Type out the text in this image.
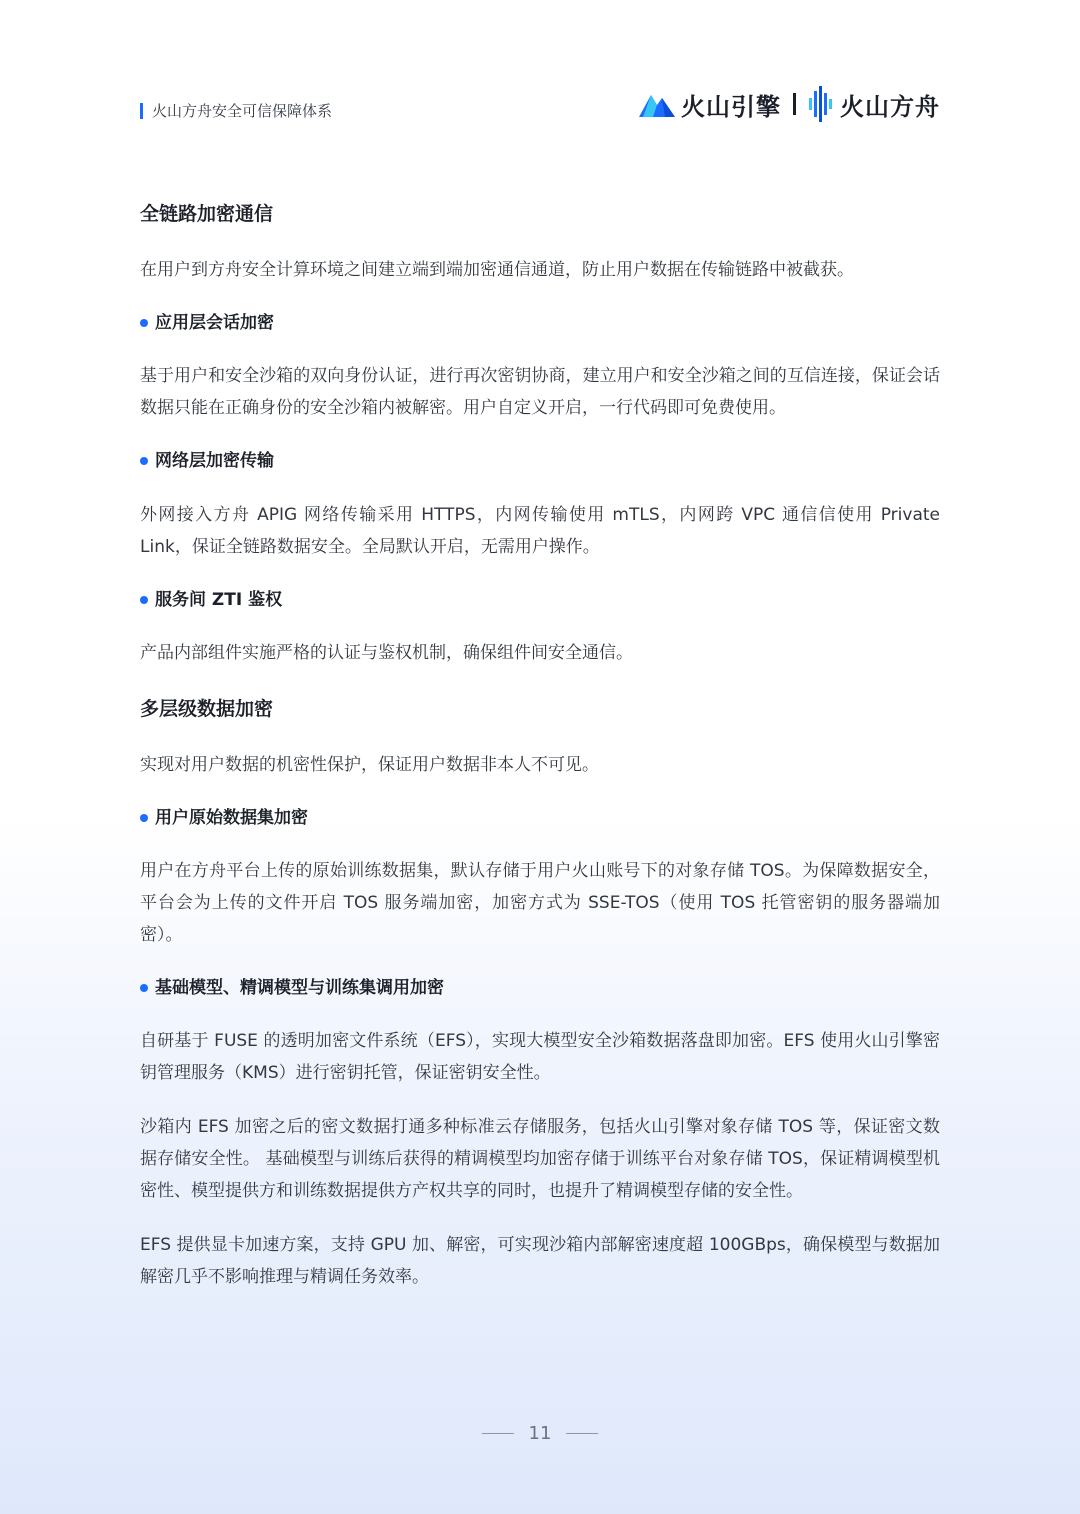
火山方舟安全可信保障体系	火山引擎 火山方舟
全链路加密通信

在用户到方舟安全计算环境之间建立端到端加密通信通道，防止用户数据在传输链路中被截获。

应用层会话加密

基于用户和安全沙箱的双向身份认证，进行再次密钥协商，建立用户和安全沙箱之间的互信连接，保证会话数据只能在正确身份的安全沙箱内被解密。用户自定义开启，一行代码即可免费使用。

网络层加密传输

外网接入方舟 APIG 网络传输采用 HTTPS，内网传输使用 mTLS，内网跨 VPC 通信信使用 Private Link，保证全链路数据安全。全局默认开启，无需用户操作。

服务间 ZTI 鉴权

产品内部组件实施严格的认证与鉴权机制，确保组件间安全通信。

多层级数据加密

实现对用户数据的机密性保护，保证用户数据非本人不可见。

用户原始数据集加密

用户在方舟平台上传的原始训练数据集，默认存储于用户火山账号下的对象存储 TOS。为保障数据安全，平台会为上传的文件开启 TOS 服务端加密，加密方式为 SSE-TOS（使用 TOS 托管密钥的服务器端加密）。

基础模型、精调模型与训练集调用加密

自研基于 FUSE 的透明加密文件系统（EFS），实现大模型安全沙箱数据落盘即加密。EFS 使用火山引擎密钥管理服务（KMS）进行密钥托管，保证密钥安全性。

沙箱内 EFS 加密之后的密文数据打通多种标准云存储服务，包括火山引擎对象存储 TOS 等，保证密文数据存储安全性。 基础模型与训练后获得的精调模型均加密存储于训练平台对象存储 TOS，保证精调模型机密性、模型提供方和训练数据提供方产权共享的同时，也提升了精调模型存储的安全性。

EFS 提供显卡加速方案，支持 GPU 加、解密，可实现沙箱内部解密速度超 100GBps，确保模型与数据加解密几乎不影响推理与精调任务效率。

11
